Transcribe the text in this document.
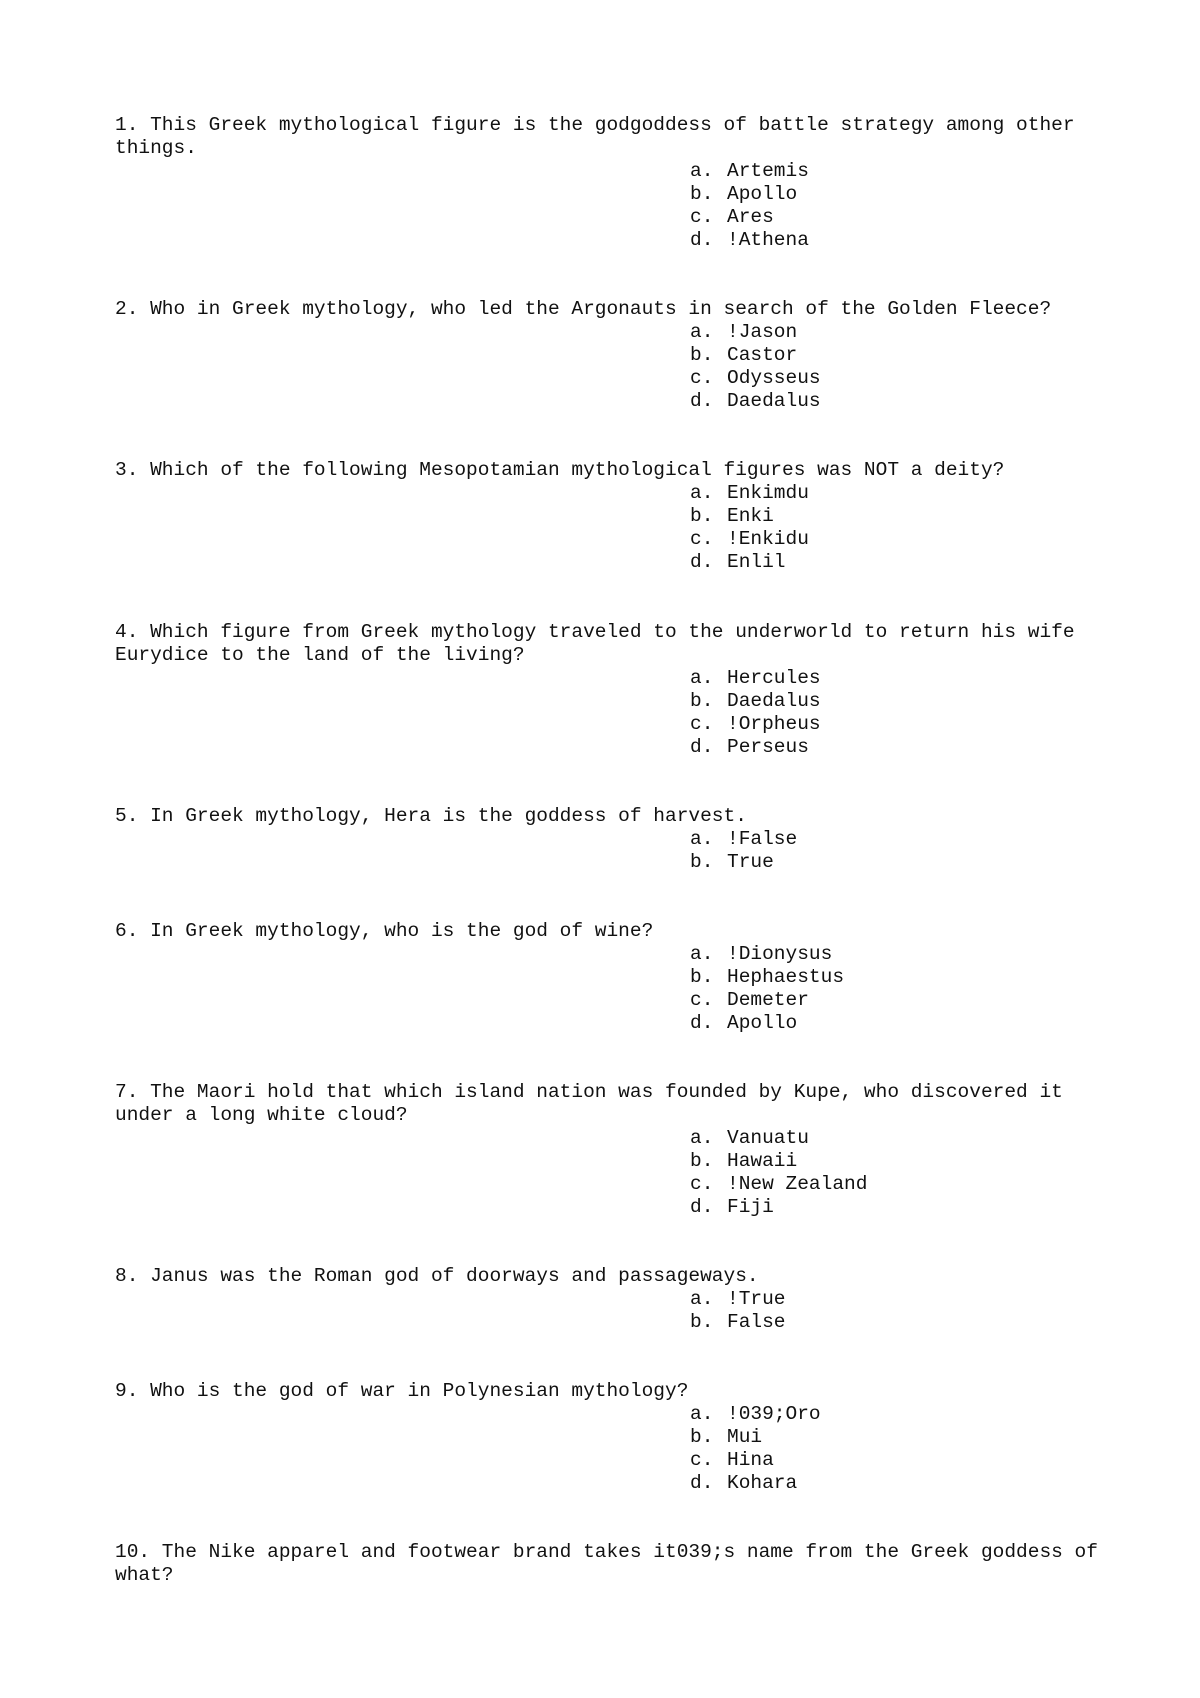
1. This Greek mythological figure is the godgoddess of battle strategy among other things.

a. Artemis
b. Apollo
c. Ares
d. !Athena

2. Who in Greek mythology, who led the Argonauts in search of the Golden Fleece?

a. !Jason
b. Castor
c. Odysseus
d. Daedalus

3. Which of the following Mesopotamian mythological figures was NOT a deity?

a. Enkimdu
b. Enki
c. !Enkidu
d. Enlil

4. Which figure from Greek mythology traveled to the underworld to return his wife Eurydice to the land of the living?

a. Hercules
b. Daedalus
c. !Orpheus
d. Perseus

5. In Greek mythology, Hera is the goddess of harvest.

a. !False
b. True

6. In Greek mythology, who is the god of wine?

a. !Dionysus
b. Hephaestus
c. Demeter
d. Apollo

7. The Maori hold that which island nation was founded by Kupe, who discovered it under a long white cloud?

a. Vanuatu
b. Hawaii
c. !New Zealand
d. Fiji

8. Janus was the Roman god of doorways and passageways.

a. !True
b. False

9. Who is the god of war in Polynesian mythology?

a. !039;Oro
b. Mui
c. Hina
d. Kohara

10. The Nike apparel and footwear brand takes it039;s name from the Greek goddess of what?
